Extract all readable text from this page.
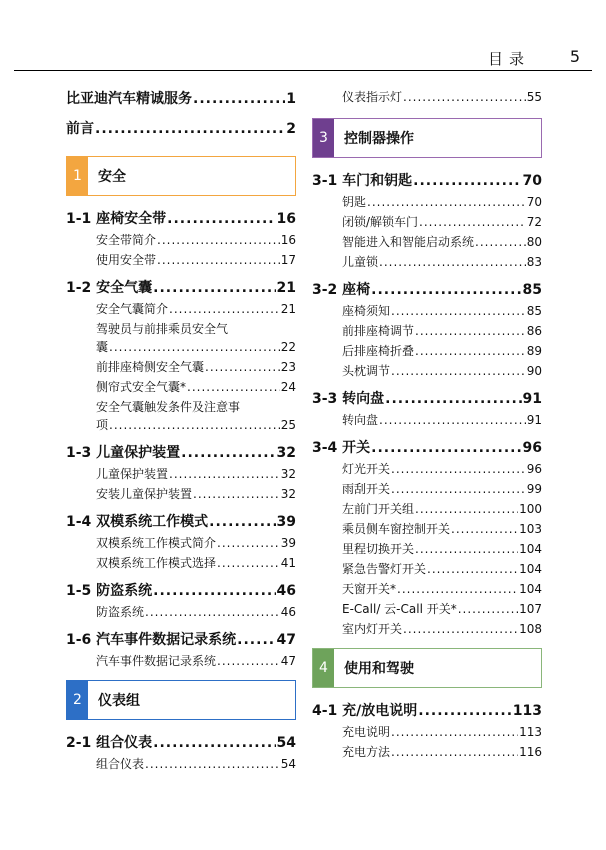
目录 5
比亚迪汽车精诚服务 .....	1
前言 .....	2
1	安全
1-1 座椅安全带 .....	16
安全带简介 .....	16
使用安全带 .....	17
1-2 安全气囊 .....	21
安全气囊简介 .....	21
驾驶员与前排乘员安全气
囊 .....	22
前排座椅侧安全气囊 .....	23
侧帘式安全气囊* .....	24
安全气囊触发条件及注意事
项 .....	25
1-3 儿童保护装置 .....	32
儿童保护装置 .....	32
安装儿童保护装置 .....	32
1-4 双模系统工作模式 .....	39
双模系统工作模式简介 .....	39
双模系统工作模式选择 .....	41
1-5 防盗系统 .....	46
防盗系统 .....	46
1-6 汽车事件数据记录系统 .....	47
汽车事件数据记录系统 .....	47
2	仪表组
2-1 组合仪表 .....	54
组合仪表 .....	54
仪表指示灯 .....	55
3	控制器操作
3-1 车门和钥匙 .....	70
钥匙 .....	70
闭锁/解锁车门 .....	72
智能进入和智能启动系统 .....	80
儿童锁 .....	83
3-2 座椅 .....	85
座椅须知 .....	85
前排座椅调节 .....	86
后排座椅折叠 .....	89
头枕调节 .....	90
3-3 转向盘 .....	91
转向盘 .....	91
3-4 开关 .....	96
灯光开关 .....	96
雨刮开关 .....	99
左前门开关组 .....	100
乘员侧车窗控制开关 .....	103
里程切换开关 .....	104
紧急告警灯开关 .....	104
天窗开关* .....	104
E-Call/ 云-Call 开关* .....	107
室内灯开关 .....	108
4	使用和驾驶
4-1 充/放电说明 .....	113
充电说明 .....	113
充电方法 .....	116
